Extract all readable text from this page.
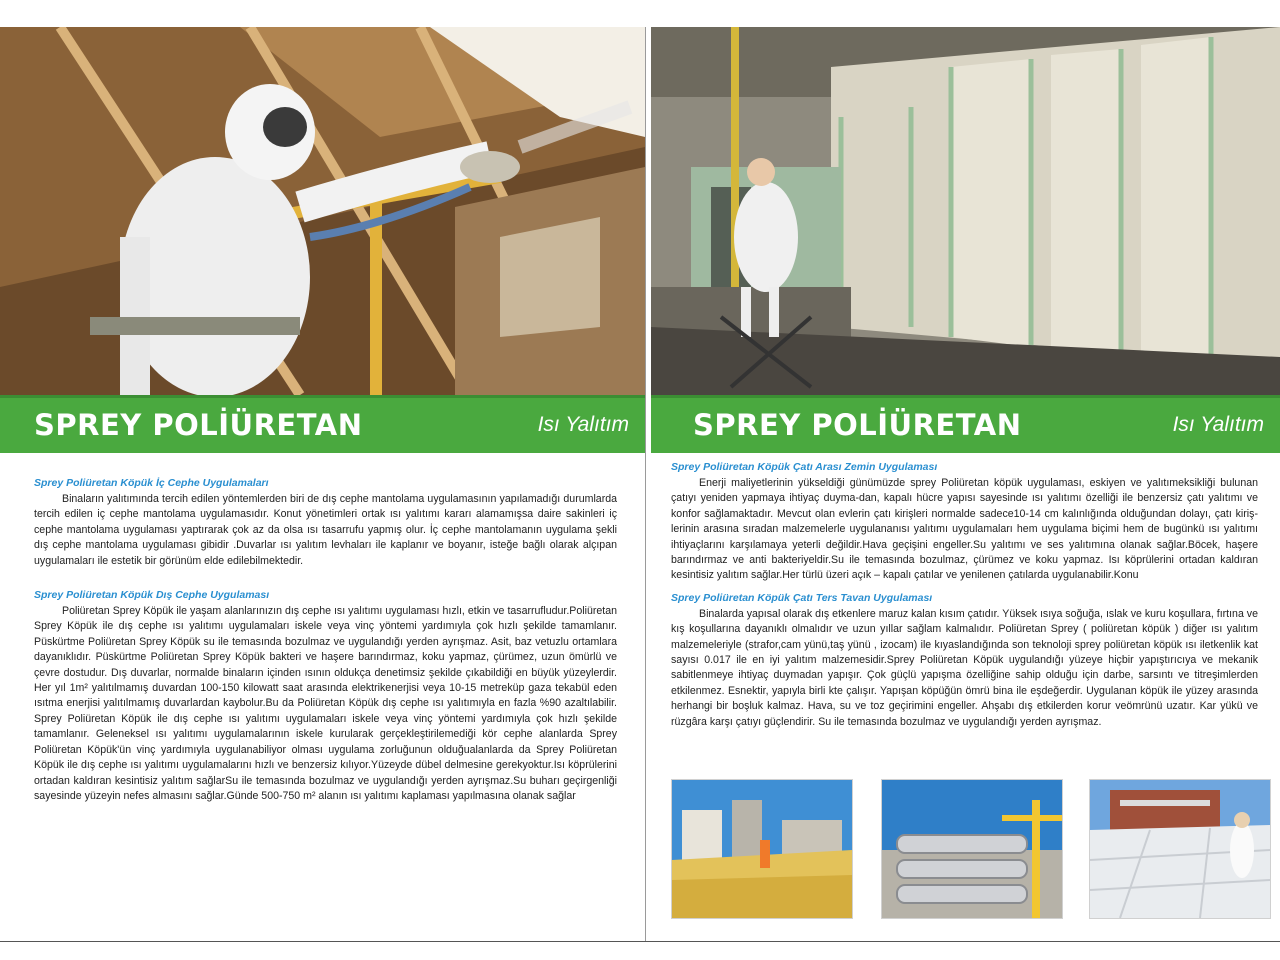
SPREY POLİÜRETAN	Isı Yalıtım

Sprey Poliüretan Köpük İç Cephe Uygulamaları

Binaların yalıtımında tercih edilen yöntemlerden biri de dış cephe mantolama uygulamasının yapılamadığı durumlarda tercih edilen iç cephe mantolama uygulamasıdır. Konut yönetimleri ortak ısı yalıtımı kararı alamamışsa daire sakinleri iç cephe mantolama uygulaması yaptırarak çok az da olsa ısı tasarrufu yapmış olur. İç cephe mantolamanın uygulama şekli dış cephe mantolama uygulaması gibidir .Duvarlar ısı yalıtım levhaları ile kaplanır ve boyanır, isteğe bağlı olarak alçıpan uygulamaları ile estetik bir görünüm elde edilebilmektedir.

Sprey Poliüretan Köpük Dış Cephe Uygulaması

Poliüretan Sprey Köpük ile yaşam alanlarınızın dış cephe ısı yalıtımı uygulaması hızlı, etkin ve tasarrufludur.Poliüretan Sprey Köpük ile dış cephe ısı yalıtımı uygulamaları iskele veya vinç yöntemi yardımıyla çok hızlı şekilde tamamlanır. Püskürtme Poliüretan Sprey Köpük su ile temasında bozulmaz ve uygulandığı yerden ayrışmaz. Asit, baz vetuzlu ortamlara dayanıklıdır. Püskürtme Poliüretan Sprey Köpük bakteri ve haşere barındırmaz, koku yapmaz, çürümez, uzun ömürlü ve çevre dostudur. Dış duvarlar, normalde binaların içinden ısının oldukça denetimsiz şekilde çıkabildiği en büyük yüzeylerdir. Her yıl 1m² yalıtılmamış duvardan 100-150 kilowatt saat arasında elektrikenerjisi veya 10-15 metreküp gaza tekabül eden ısıtma enerjisi yalıtılmamış duvarlardan kaybolur.Bu da Poliüretan Köpük dış cephe ısı yalıtımıyla en fazla %90 azaltılabilir. Sprey Poliüretan Köpük ile dış cephe ısı yalıtımı uygulamaları iskele veya vinç yöntemi yardımıyla çok hızlı şekilde tamamlanır. Geleneksel ısı yalıtımı uygulamalarının iskele kurularak gerçekleştirilemediği kör cephe alanlarda Sprey Poliüretan Köpük'ün vinç yardımıyla uygulanabiliyor olması uygulama zorluğunun olduğualanlarda da Sprey Poliüretan Köpük ile dış cephe ısı yalıtımı uygulamalarını hızlı ve benzersiz kılıyor.Yüzeyde dübel delmesine gerekyoktur.Isı köprülerini ortadan kaldıran kesintisiz yalıtım sağlarSu ile temasında bozulmaz ve uygulandığı yerden ayrışmaz.Su buharı geçirgenliği sayesinde yüzeyin nefes almasını sağlar.Günde 500-750 m² alanın ısı yalıtımı kaplaması yapılmasına olanak sağlar

SPREY POLİÜRETAN	Isı Yalıtım

Sprey Poliüretan Köpük Çatı Arası Zemin Uygulaması

Enerji maliyetlerinin yükseldiği günümüzde sprey Poliüretan köpük uygulaması, eskiyen ve yalıtımeksikliği bulunan çatıyı yeniden yapmaya ihtiyaç duyma-dan, kapalı hücre yapısı sayesinde ısı yalıtımı özelliği ile benzersiz çatı yalıtımı ve konfor sağlamaktadır. Mevcut olan evlerin çatı kirişleri normalde sadece10-14 cm kalınlığında olduğundan dolayı, çatı kiriş-lerinin arasına sıradan malzemelerle uygulananısı yalıtımı uygulamaları hem uygulama biçimi hem de bugünkü ısı yalıtımı ihtiyaçlarını karşılamaya yeterli değildir.Hava geçişini engeller.Su yalıtımı ve ses yalıtımına olanak sağlar.Böcek, haşere barındırmaz ve anti bakteriyeldir.Su ile temasında bozulmaz, çürümez ve koku yapmaz. Isı köprülerini ortadan kaldıran kesintisiz yalıtım sağlar.Her türlü üzeri açık – kapalı çatılar ve yenilenen çatılarda uygulanabilir.Konu

Sprey Poliüretan Köpük Çatı Ters Tavan Uygulaması

Binalarda yapısal olarak dış etkenlere maruz kalan kısım çatıdır. Yüksek ısıya soğuğa, ıslak ve kuru koşullara, fırtına ve kış koşullarına dayanıklı olmalıdır ve uzun yıllar sağlam kalmalıdır. Poliüretan Sprey ( poliüretan köpük ) diğer ısı yalıtım malzemeleriyle (strafor,cam yünü,taş yünü , izocam) ile kıyaslandığında son teknoloji sprey poliüretan köpük ısı iletkenlik kat sayısı 0.017 ile en iyi yalıtım malzemesidir.Sprey Poliüretan Köpük uygulandığı yüzeye hiçbir yapıştırıcıya ve mekanik sabitlenmeye ihtiyaç duymadan yapışır. Çok güçlü yapışma özelliğine sahip olduğu için darbe, sarsıntı ve titreşimlerden etkilenmez. Esnektir, yapıyla birli kte çalışır. Yapışan köpüğün ömrü bina ile eşdeğerdir. Uygulanan köpük ile yüzey arasında herhangi bir boşluk kalmaz. Hava, su ve toz geçirimini engeller. Ahşabı dış etkilerden korur veömrünü uzatır. Kar yükü ve rüzgâra karşı çatıyı güçlendirir. Su ile temasında bozulmaz ve uygulandığı yerden ayrışmaz.
